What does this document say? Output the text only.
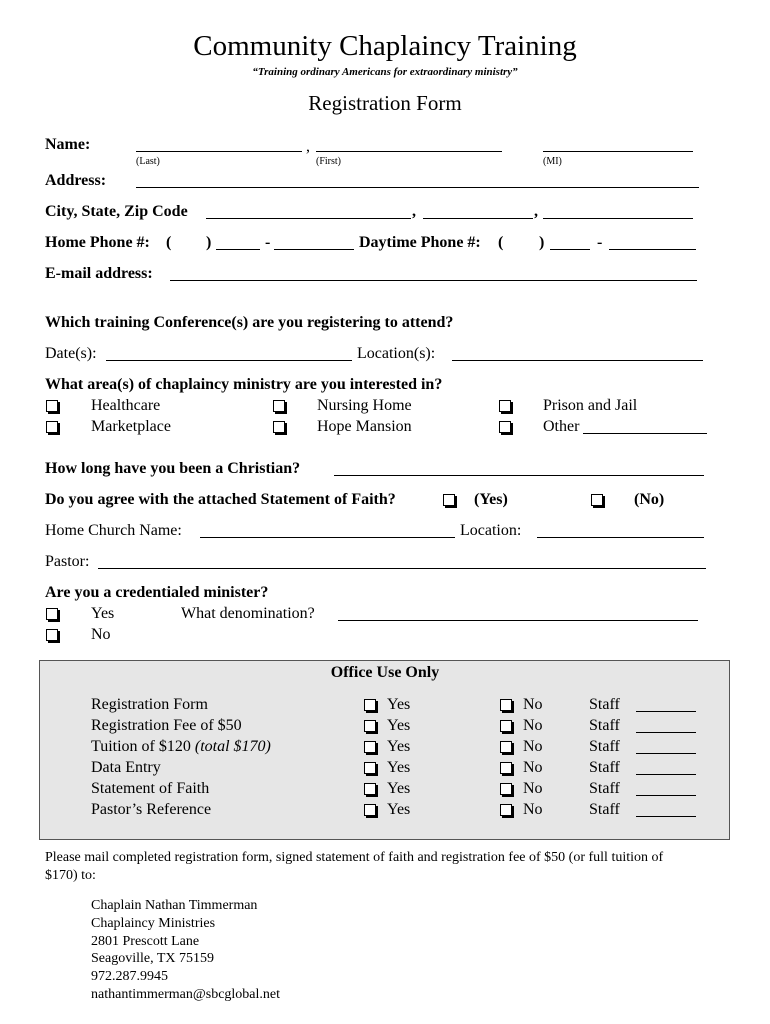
Community Chaplaincy Training
“Training ordinary Americans for extraordinary ministry”
Registration Form
Name:	,
(Last)	(First)	(MI)
Address:
City, State, Zip Code	,	,
Home Phone #: ( )	-	Daytime Phone #: ( )	-
E-mail address:
Which training Conference(s) are you registering to attend?
Date(s):	Location(s):
What area(s) of chaplaincy ministry are you interested in?
Healthcare	Nursing Home	Prison and Jail
Marketplace	Hope Mansion	Other
How long have you been a Christian?
Do you agree with the attached Statement of Faith?	(Yes)	(No)
Home Church Name:	Location:
Pastor:
Are you a credentialed minister?
Yes	What denomination?
No
Office Use Only
Registration Form	Yes	No	Staff
Registration Fee of $50	Yes	No	Staff
Tuition of $120 (total $170)	Yes	No	Staff
Data Entry	Yes	No	Staff
Statement of Faith	Yes	No	Staff
Pastor’s Reference	Yes	No	Staff
Please mail completed registration form, signed statement of faith and registration fee of $50 (or full tuition of
$170) to:
Chaplain Nathan Timmerman
Chaplaincy Ministries
2801 Prescott Lane
Seagoville, TX 75159
972.287.9945
nathantimmerman@sbcglobal.net
